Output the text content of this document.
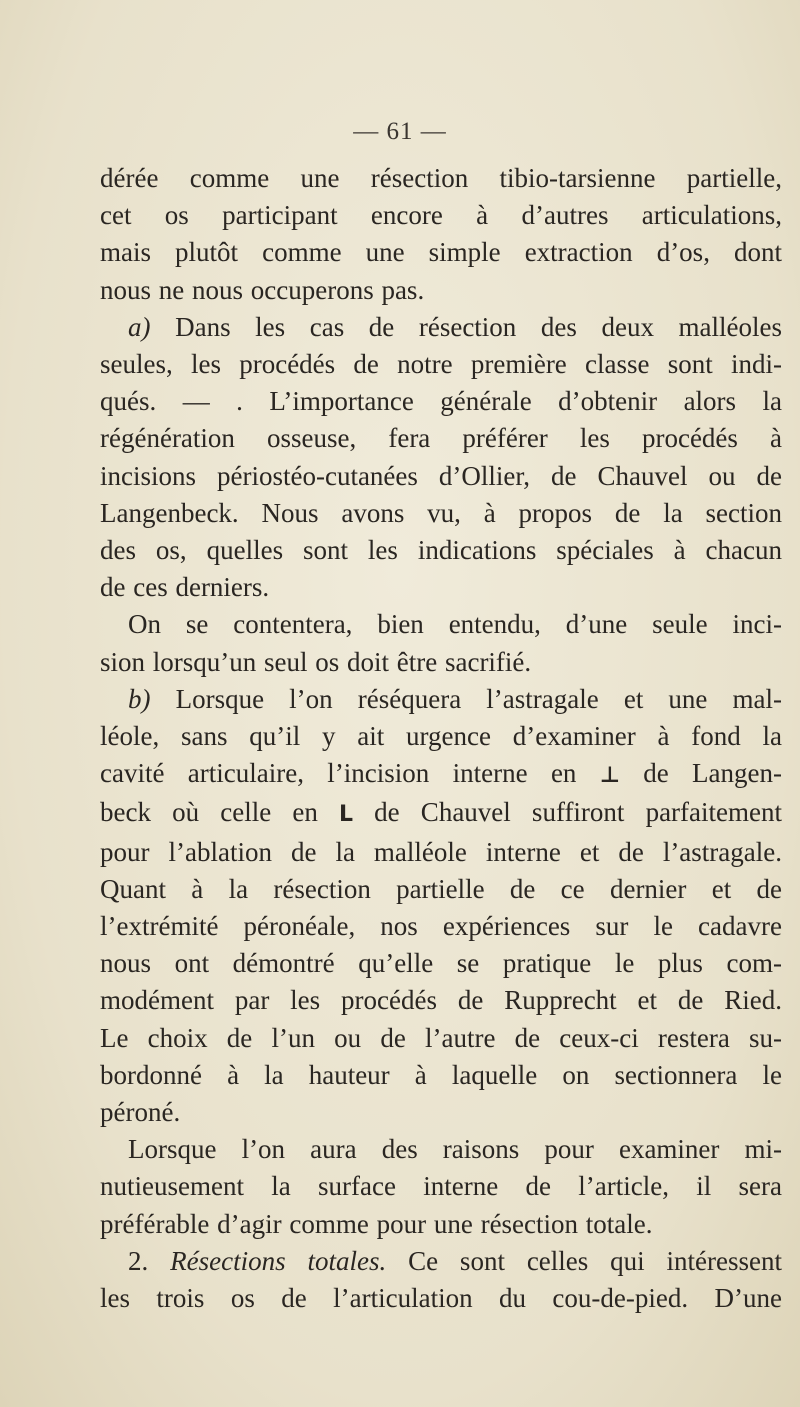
— 61 —
dérée comme une résection tibio-tarsienne partielle,
cet os participant encore à d’autres articulations,
mais plutôt comme une simple extraction d’os, dont
nous ne nous occuperons pas.
a) Dans les cas de résection des deux malléoles
seules, les procédés de notre première classe sont indi-
qués. — . L’importance générale d’obtenir alors la
régénération osseuse, fera préférer les procédés à
incisions périostéo-cutanées d’Ollier, de Chauvel ou de
Langenbeck. Nous avons vu, à propos de la section
des os, quelles sont les indications spéciales à chacun
de ces derniers.
On se contentera, bien entendu, d’une seule inci-
sion lorsqu’un seul os doit être sacrifié.
b) Lorsque l’on réséquera l’astragale et une mal-
léole, sans qu’il y ait urgence d’examiner à fond la
cavité articulaire, l’incision interne en ⊥ de Langen-
beck où celle en L de Chauvel suffiront parfaitement
pour l’ablation de la malléole interne et de l’astragale.
Quant à la résection partielle de ce dernier et de
l’extrémité péronéale, nos expériences sur le cadavre
nous ont démontré qu’elle se pratique le plus com-
modément par les procédés de Rupprecht et de Ried.
Le choix de l’un ou de l’autre de ceux-ci restera su-
bordonné à la hauteur à laquelle on sectionnera le
péroné.
Lorsque l’on aura des raisons pour examiner mi-
nutieusement la surface interne de l’article, il sera
préférable d’agir comme pour une résection totale.
2. Résections totales. Ce sont celles qui intéressent
les trois os de l’articulation du cou-de-pied. D’une
